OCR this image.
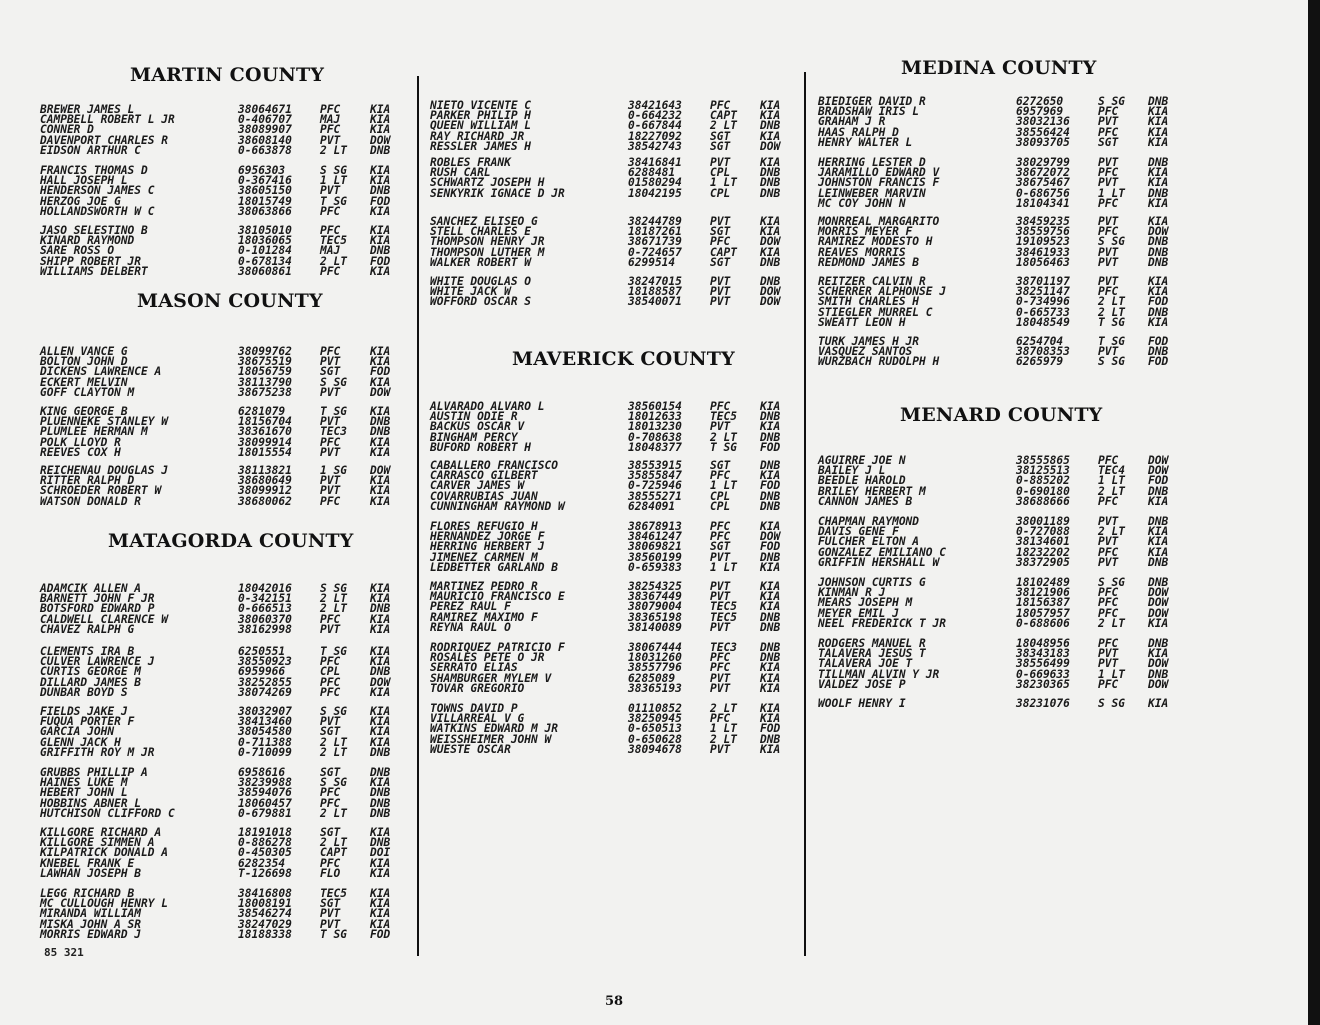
MARTIN COUNTY
BREWER JAMES L	38064671	PFC	KIA
CAMPBELL ROBERT L JR	0-406707	MAJ	KIA
CONNER D	38089907	PFC	KIA
DAVENPORT CHARLES R	38608140	PVT	DOW
EIDSON ARTHUR C	0-663878	2 LT DNB
FRANCIS THOMAS D	6956303	S SG KIA
HALL JOSEPH L	0-367416	1 LT KIA
HENDERSON JAMES C	38605150	PVT	DNB
HERZOG JOE G	18015749	T SG FOD
HOLLANDSWORTH W C	38063866	PFC	KIA
JASO SELESTINO B	38105010	PFC	KIA
KINARD RAYMOND	18036065	TEC5 KIA
SARE ROSS O	0-101284	MAJ	DNB
SHIPP ROBERT JR	0-678134	2 LT FOD
WILLIAMS DELBERT	38060861	PFC	KIA
MASON COUNTY
ALLEN VANCE G	38099762	PFC	KIA
BOLTON JOHN D	38675519	PVT	KIA
DICKENS LAWRENCE A	18056759	SGT	FOD
ECKERT MELVIN	38113790	S SG KIA
GOFF CLAYTON M	38675238	PVT	DOW
KING GEORGE B	6281079	T SG KIA
PLUENNEKE STANLEY W	18156704	PVT	DNB
PLUMLEE HERMAN M	38361670	TEC3 DNB
POLK LLOYD R	38099914	PFC	KIA
REEVES COX H	18015554	PVT	KIA
REICHENAU DOUGLAS J	38113821	1 SG DOW
RITTER RALPH D	38680649	PVT	KIA
SCHROEDER ROBERT W	38099912	PVT	KIA
WATSON DONALD R	38680062	PFC	KIA
MATAGORDA COUNTY
ADAMCIK ALLEN A	18042016	S SG KIA
BARNETT JOHN F JR	0-342151	2 LT KIA
BOTSFORD EDWARD P	0-666513	2 LT DNB
CALDWELL CLARENCE W	38060370	PFC	KIA
CHAVEZ RALPH G	38162998	PVT	KIA
CLEMENTS IRA B	6250551	T SG KIA
CULVER LAWRENCE J	38550923	PFC	KIA
CURTIS GEORGE M	6959966	CPL	DNB
DILLARD JAMES B	38252855	PFC	DOW
DUNBAR BOYD S	38074269	PFC	KIA
FIELDS JAKE J	38032907	S SG KIA
FUQUA PORTER F	38413460	PVT	KIA
GARCIA JOHN	38054580	SGT	KIA
GLENN JACK H	0-711388	2 LT KIA
GRIFFITH ROY M JR	0-710099	2 LT DNB
GRUBBS PHILLIP A	6958616	SGT	DNB
HAINES LUKE M	38239988	S SG KIA
HEBERT JOHN L	38594076	PFC	DNB
HOBBINS ABNER L	18060457	PFC	DNB
HUTCHISON CLIFFORD C	0-679881	2 LT DNB
KILLGORE RICHARD A	18191018	SGT	KIA
KILLGORE SIMMEN A	0-886278	2 LT DNB
KILPATRICK DONALD A	0-450305	CAPT DOI
KNEBEL FRANK E	6282354	PFC	KIA
LAWHAN JOSEPH B	T-126698	FLO	KIA
LEGG RICHARD B	38416808	TEC5 KIA
MC CULLOUGH HENRY L	18008191	SGT	KIA
MIRANDA WILLIAM	38546274	PVT	KIA
MISKA JOHN A SR	38247029	PVT	KIA
MORRIS EDWARD J	18188338	T SG FOD
NIETO VICENTE C	38421643	PFC	KIA
PARKER PHILIP H	0-664232	CAPT KIA
QUEEN WILLIAM L	0-667844	2 LT DNB
RAY RICHARD JR	18227092	SGT	KIA
RESSLER JAMES H	38542743	SGT	DOW
ROBLES FRANK	38416841	PVT	KIA
RUSH CARL	6288481	CPL	DNB
SCHWARTZ JOSEPH H	01580294	1 LT DNB
SENKYRIK IGNACE D JR	18042195	CPL	DNB
SANCHEZ ELISEO G	38244789	PVT	KIA
STELL CHARLES E	18187261	SGT	KIA
THOMPSON HENRY JR	38671739	PFC	DOW
THOMPSON LUTHER M	0-724657	CAPT KIA
WALKER ROBERT W	6299514	SGT	DNB
WHITE DOUGLAS O	38247015	PVT	DNB
WHITE JACK W	18188587	PVT	DOW
WOFFORD OSCAR S	38540071	PVT	DOW
MAVERICK COUNTY
ALVARADO ALVARO L	38560154	PFC	KIA
AUSTIN ODIE R	18012633	TEC5 DNB
BACKUS OSCAR V	18013230	PVT	KIA
BINGHAM PERCY	0-708638	2 LT DNB
BUFORD ROBERT H	18048377	T SG FOD
CABALLERO FRANCISCO	38553915	SGT	DNB
CARRASCO GILBERT	35855847	PFC	KIA
CARVER JAMES W	0-725946	1 LT FOD
COVARRUBIAS JUAN	38555271	CPL	DNB
CUNNINGHAM RAYMOND W	6284091	CPL	DNB
FLORES REFUGIO H	38678913	PFC	KIA
HERNANDEZ JORGE F	38461247	PFC	DOW
HERRING HERBERT J	38069821	SGT	FOD
JIMENEZ CARMEN M	38560199	PVT	DNB
LEDBETTER GARLAND B	0-659383	1 LT KIA
MARTINEZ PEDRO R	38254325	PVT	KIA
MAURICIO FRANCISCO E	38367449	PVT	KIA
PEREZ RAUL F	38079004	TEC5 KIA
RAMIREZ MAXIMO F	38365198	TEC5 DNB
REYNA RAUL O	38140089	PVT	DNB
RODRIQUEZ PATRICIO F	38067444	TEC3 DNB
ROSALES PETE O JR	18031260	PFC	DNB
SERRATO ELIAS	38557796	PFC	KIA
SHAMBURGER MYLEM V	6285089	PVT	KIA
TOVAR GREGORIO	38365193	PVT	KIA
TOWNS DAVID P	01110852	2 LT KIA
VILLARREAL V G	38250945	PFC	KIA
WATKINS EDWARD M JR	0-650513	1 LT FOD
WEISSHEIMER JOHN W	0-650628	2 LT DNB
WUESTE OSCAR	38094678	PVT	KIA
MEDINA COUNTY
BIEDIGER DAVID R	6272650	S SG DNB
BRADSHAW IRIS L	6957969	PFC	KIA
GRAHAM J R	38032136	PVT	KIA
HAAS RALPH D	38556424	PFC	KIA
HENRY WALTER L	38093705	SGT	KIA
HERRING LESTER D	38029799	PVT	DNB
JARAMILLO EDWARD V	38672072	PFC	KIA
JOHNSTON FRANCIS F	38675467	PVT	KIA
LEINWEBER MARVIN	0-686756	1 LT DNB
MC COY JOHN N	18104341	PFC	KIA
MONRREAL MARGARITO	38459235	PVT	KIA
MORRIS MEYER F	38559756	PFC	DOW
RAMIREZ MODESTO H	19109523	S SG DNB
REAVES MORRIS	38461933	PVT	DNB
REDMOND JAMES B	18056463	PVT	DNB
REITZER CALVIN R	38701197	PVT	KIA
SCHERRER ALPHONSE J	38251147	PFC	KIA
SMITH CHARLES H	0-734996	2 LT FOD
STIEGLER MURREL C	0-665733	2 LT DNB
SWEATT LEON H	18048549	T SG KIA
TURK JAMES H JR	6254704	T SG FOD
VASQUEZ SANTOS	38708353	PVT	DNB
WURZBACH RUDOLPH H	6265979	S SG FOD
MENARD COUNTY
AGUIRRE JOE N	38555865	PFC	DOW
BAILEY J L	38125513	TEC4 DOW
BEEDLE HAROLD	0-885202	1 LT FOD
BRILEY HERBERT M	0-690180	2 LT DNB
CANNON JAMES B	38688666	PFC	KIA
CHAPMAN RAYMOND	38001189	PVT	DNB
DAVIS GENE F	0-727088	2 LT KIA
FULCHER ELTON A	38134601	PVT	KIA
GONZALEZ EMILIANO C	18232202	PFC	KIA
GRIFFIN HERSHALL W	38372905	PVT	DNB
JOHNSON CURTIS G	18102489	S SG DNB
KINMAN R J	38121906	PFC	DOW
MEARS JOSEPH M	18156387	PFC	DOW
MEYER EMIL J	18057957	PFC	DOW
NEEL FREDERICK T JR	0-688606	2 LT KIA
RODGERS MANUEL R	18048956	PFC	DNB
TALAVERA JESUS T	38343183	PVT	KIA
TALAVERA JOE T	38556499	PVT	DOW
TILLMAN ALVIN Y JR	0-669633	1 LT DNB
VALDEZ JOSE P	38230365	PFC	DOW
WOOLF HENRY I	38231076	S SG KIA
85 321
58
